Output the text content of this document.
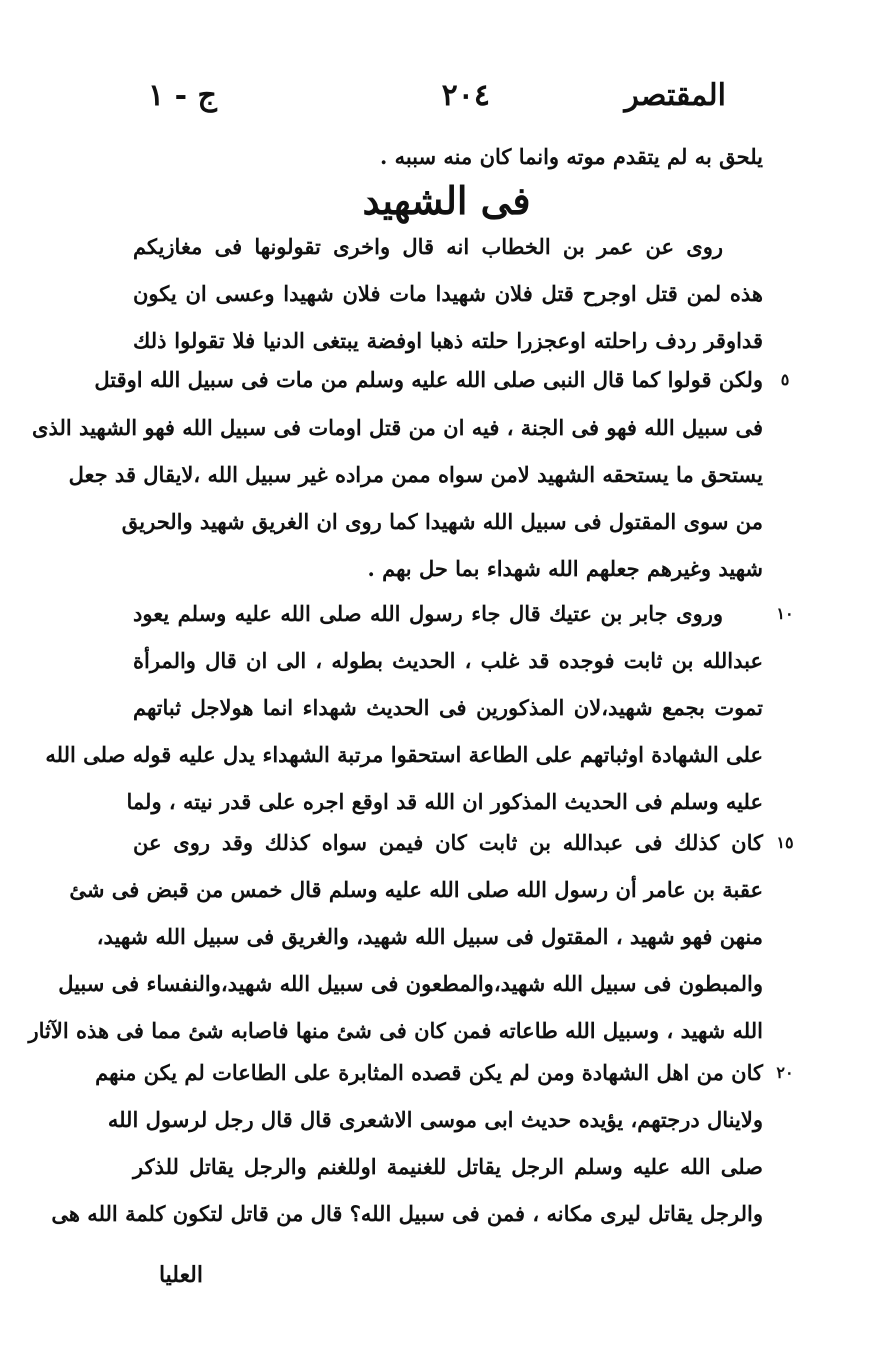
المقتصر
٢٠٤
ج - ١
يلحق به لم يتقدم موته وانما كان منه سببه .
فى الشهيد
روى عن عمر بن الخطاب انه قال واخرى تقولونها فى مغازيكم
هذه لمن قتل اوجرح قتل فلان شهيدا مات فلان شهيدا وعسى ان يكون
قداوقر ردف راحلته اوعجزرا حلته ذهبا اوفضة يبتغى الدنيا فلا تقولوا ذلك
ولكن قولوا كما قال النبى صلى الله عليه وسلم من مات فى سبيل الله اوقتل	٥
فى سبيل الله فهو فى الجنة ، فيه ان من قتل اومات فى سبيل الله فهو الشهيد الذى
يستحق ما يستحقه الشهيد لامن سواه ممن مراده غير سبيل الله ،لايقال قد جعل
من سوى المقتول فى سبيل الله شهيدا كما روى ان الغريق شهيد والحريق
شهيد وغيرهم جعلهم الله شهداء بما حل بهم .
وروى جابر بن عتيك قال جاء رسول الله صلى الله عليه وسلم يعود	١٠
عبدالله بن ثابت فوجده قد غلب ، الحديث بطوله ، الى ان قال والمرأة
تموت بجمع شهيد،لان المذكورين فى الحديث شهداء انما هولاجل ثباتهم
على الشهادة اوثباتهم على الطاعة استحقوا مرتبة الشهداء يدل عليه قوله صلى الله
عليه وسلم فى الحديث المذكور ان الله قد اوقع اجره على قدر نيته ، ولما
كان كذلك فى عبدالله بن ثابت كان فيمن سواه كذلك وقد روى عن ١٥
عقبة بن عامر أن رسول الله صلى الله عليه وسلم قال خمس من قبض فى شئ
منهن فهو شهيد ، المقتول فى سبيل الله شهيد، والغريق فى سبيل الله شهيد،
والمبطون فى سبيل الله شهيد،والمطعون فى سبيل الله شهيد،والنفساء فى سبيل
الله شهيد ، وسبيل الله طاعاته فمن كان فى شئ منها فاصابه شئ مما فى هذه الآثار
كان من اهل الشهادة ومن لم يكن قصده المثابرة على الطاعات لم يكن منهم ٢٠
ولاينال درجتهم، يؤيده حديث ابى موسى الاشعرى قال قال رجل لرسول الله
صلى الله عليه وسلم الرجل يقاتل للغنيمة اوللغنم والرجل يقاتل للذكر
والرجل يقاتل ليرى مكانه ، فمن فى سبيل الله؟ قال من قاتل لتكون كلمة الله هى
العليا
